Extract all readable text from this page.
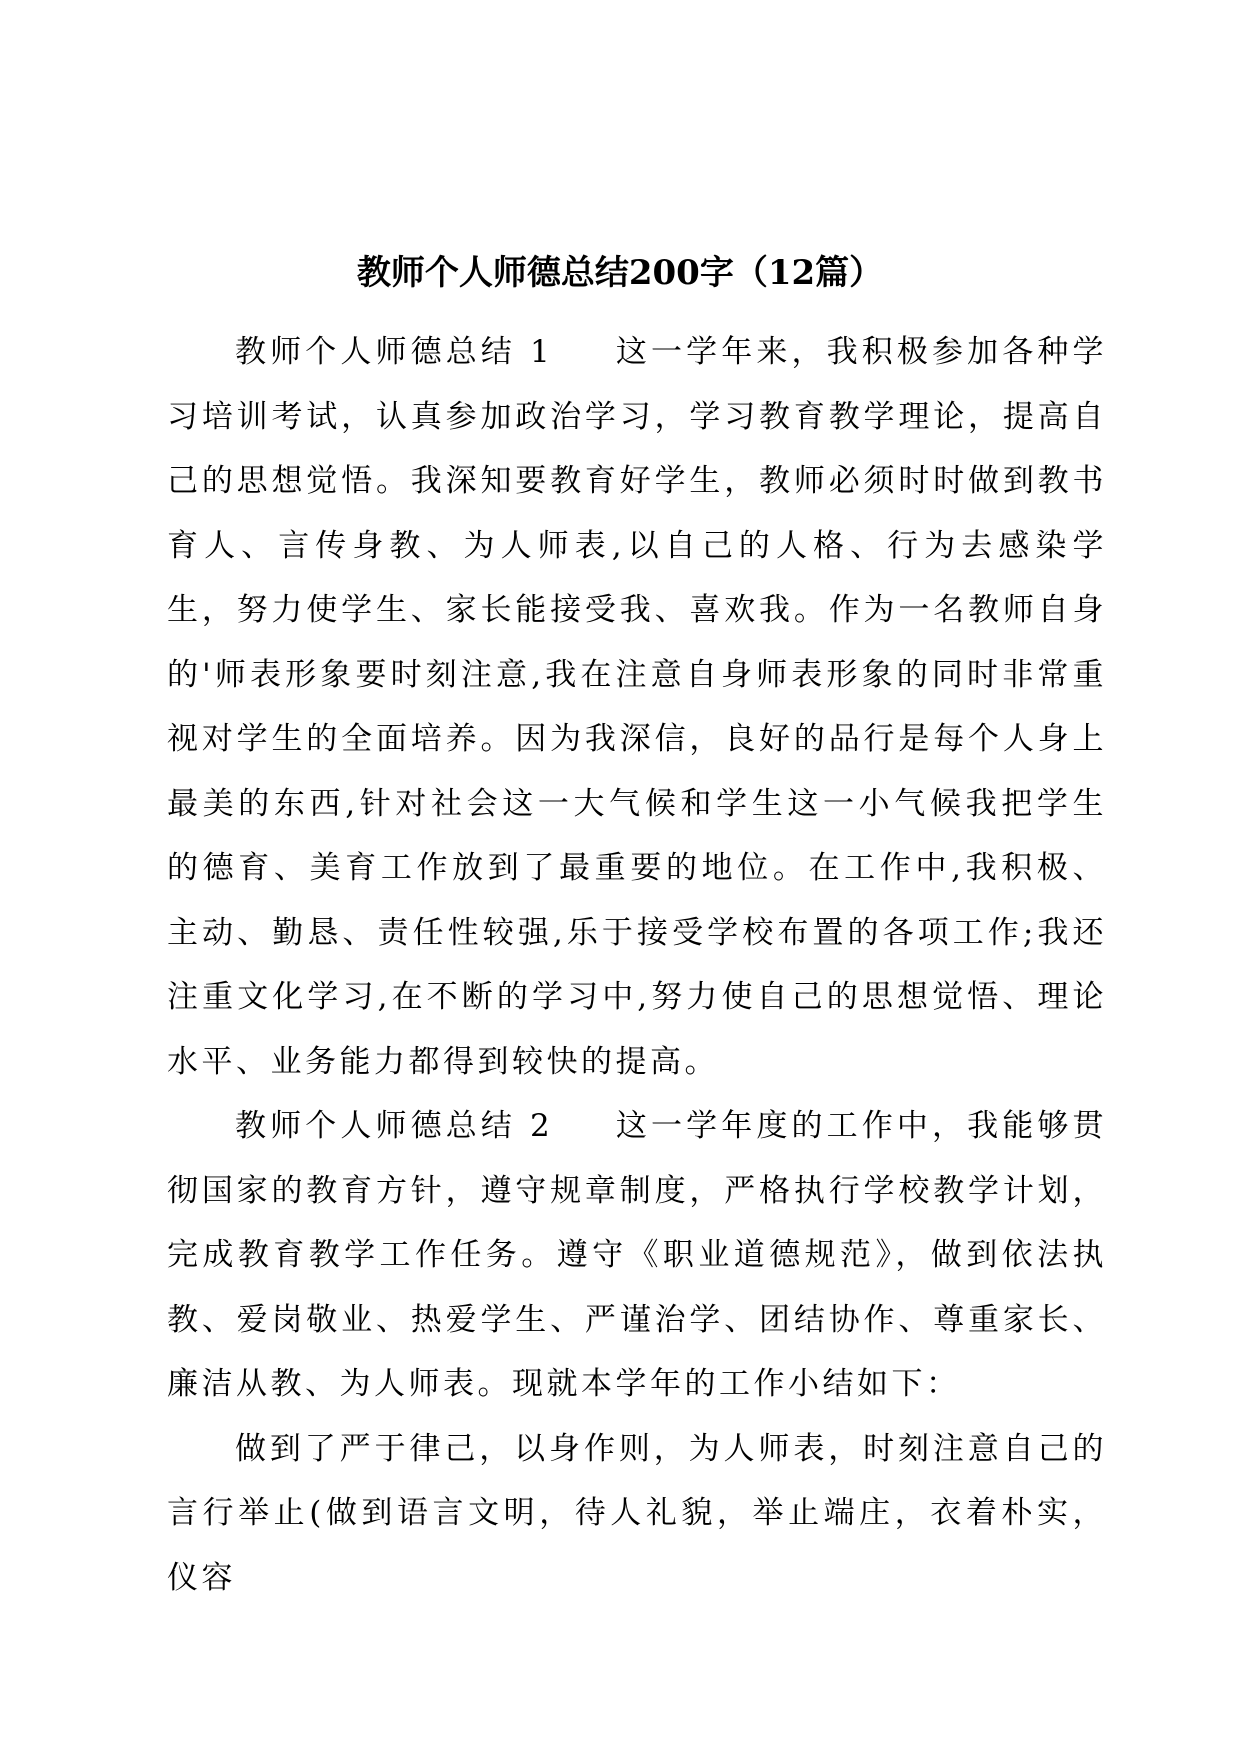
教师个人师德总结200字（12篇）

教师个人师德总结 1 这一学年来，我积极参加各种学习培训考试，认真参加政治学习，学习教育教学理论，提高自己的思想觉悟。我深知要教育好学生，教师必须时时做到教书育人、言传身教、为人师表,以自己的人格、行为去感染学生，努力使学生、家长能接受我、喜欢我。作为一名教师自身的'师表形象要时刻注意,我在注意自身师表形象的同时非常重视对学生的全面培养。因为我深信，良好的品行是每个人身上最美的东西,针对社会这一大气候和学生这一小气候我把学生的德育、美育工作放到了最重要的地位。在工作中,我积极、主动、勤恳、责任性较强,乐于接受学校布置的各项工作;我还注重文化学习,在不断的学习中,努力使自己的思想觉悟、理论水平、业务能力都得到较快的提高。

教师个人师德总结 2 这一学年度的工作中，我能够贯彻国家的教育方针，遵守规章制度，严格执行学校教学计划，完成教育教学工作任务。遵守《职业道德规范》，做到依法执教、爱岗敬业、热爱学生、严谨治学、团结协作、尊重家长、廉洁从教、为人师表。现就本学年的工作小结如下：

做到了严于律己，以身作则，为人师表，时刻注意自己的言行举止(做到语言文明，待人礼貌，举止端庄，衣着朴实，仪容
